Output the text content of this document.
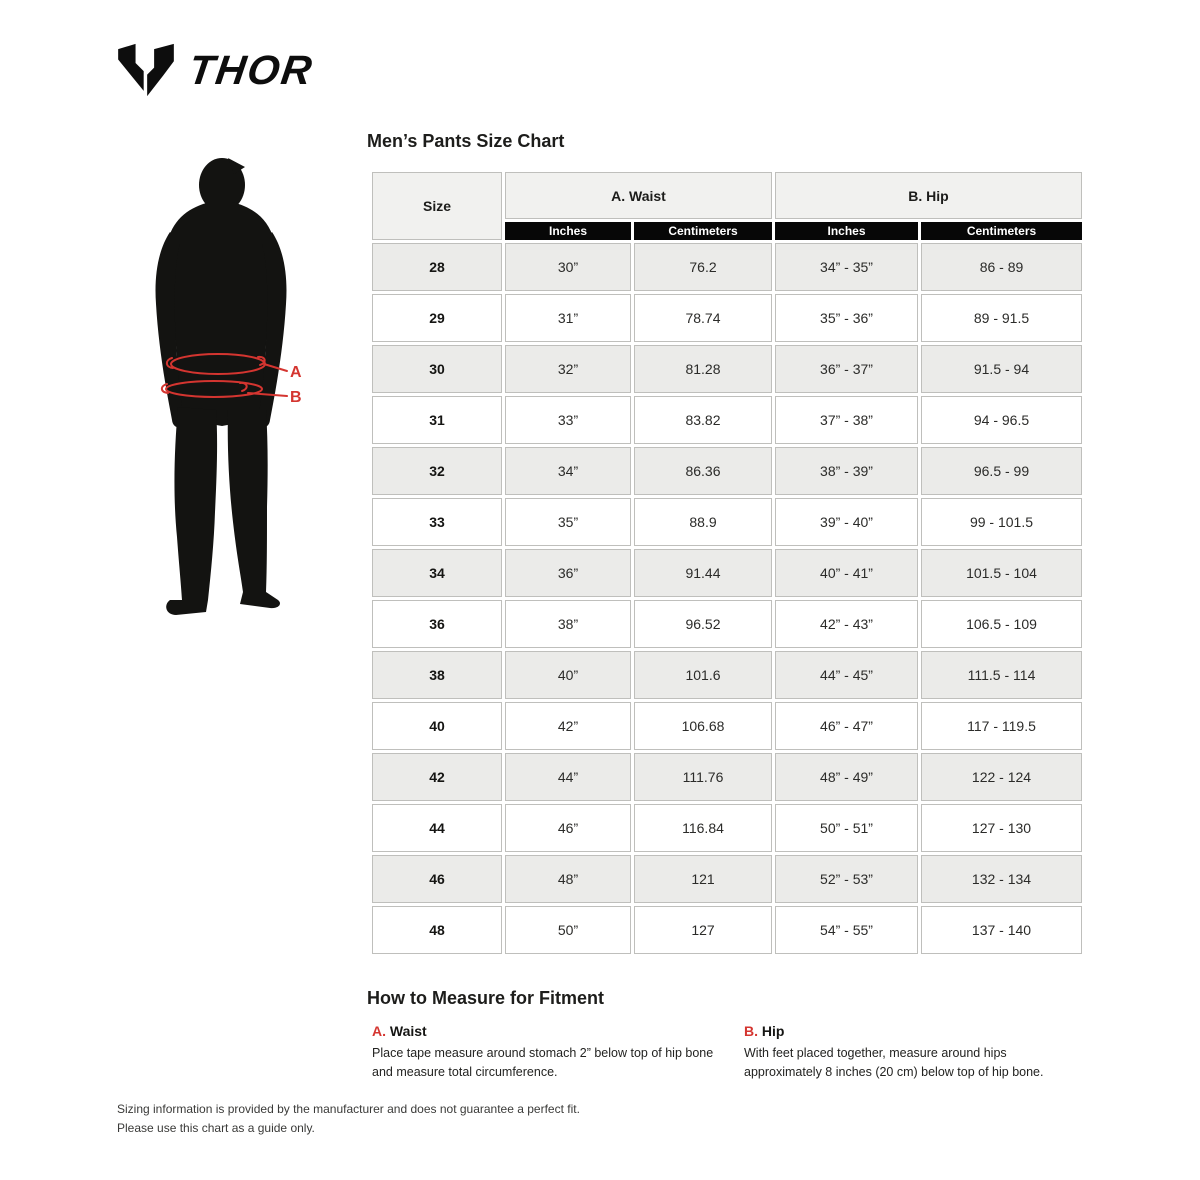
THOR
A
B
Men’s Pants Size Chart
Size	A. Waist		B. Hip	
	Inches	Centimeters	Inches	Centimeters
28	30”	76.2	34” - 35”	86 - 89
29	31”	78.74	35” - 36”	89 - 91.5
30	32”	81.28	36” - 37”	91.5 - 94
31	33”	83.82	37” - 38”	94 - 96.5
32	34”	86.36	38” - 39”	96.5 - 99
33	35”	88.9	39” - 40”	99 - 101.5
34	36”	91.44	40” - 41”	101.5 - 104
36	38”	96.52	42” - 43”	106.5 - 109
38	40”	101.6	44” - 45”	111.5 - 114
40	42”	106.68	46” - 47”	117 - 119.5
42	44”	111.76	48” - 49”	122 - 124
44	46”	116.84	50” - 51”	127 - 130
46	48”	121	52” - 53”	132 - 134
48	50”	127	54” - 55”	137 - 140
How to Measure for Fitment
A. Waist

Place tape measure around stomach 2” below top of hip bone and measure total circumference.

B. Hip

With feet placed together, measure around hips approximately 8 inches (20 cm) below top of hip bone.

Sizing information is provided by the manufacturer and does not guarantee a perfect fit.

Please use this chart as a guide only.
